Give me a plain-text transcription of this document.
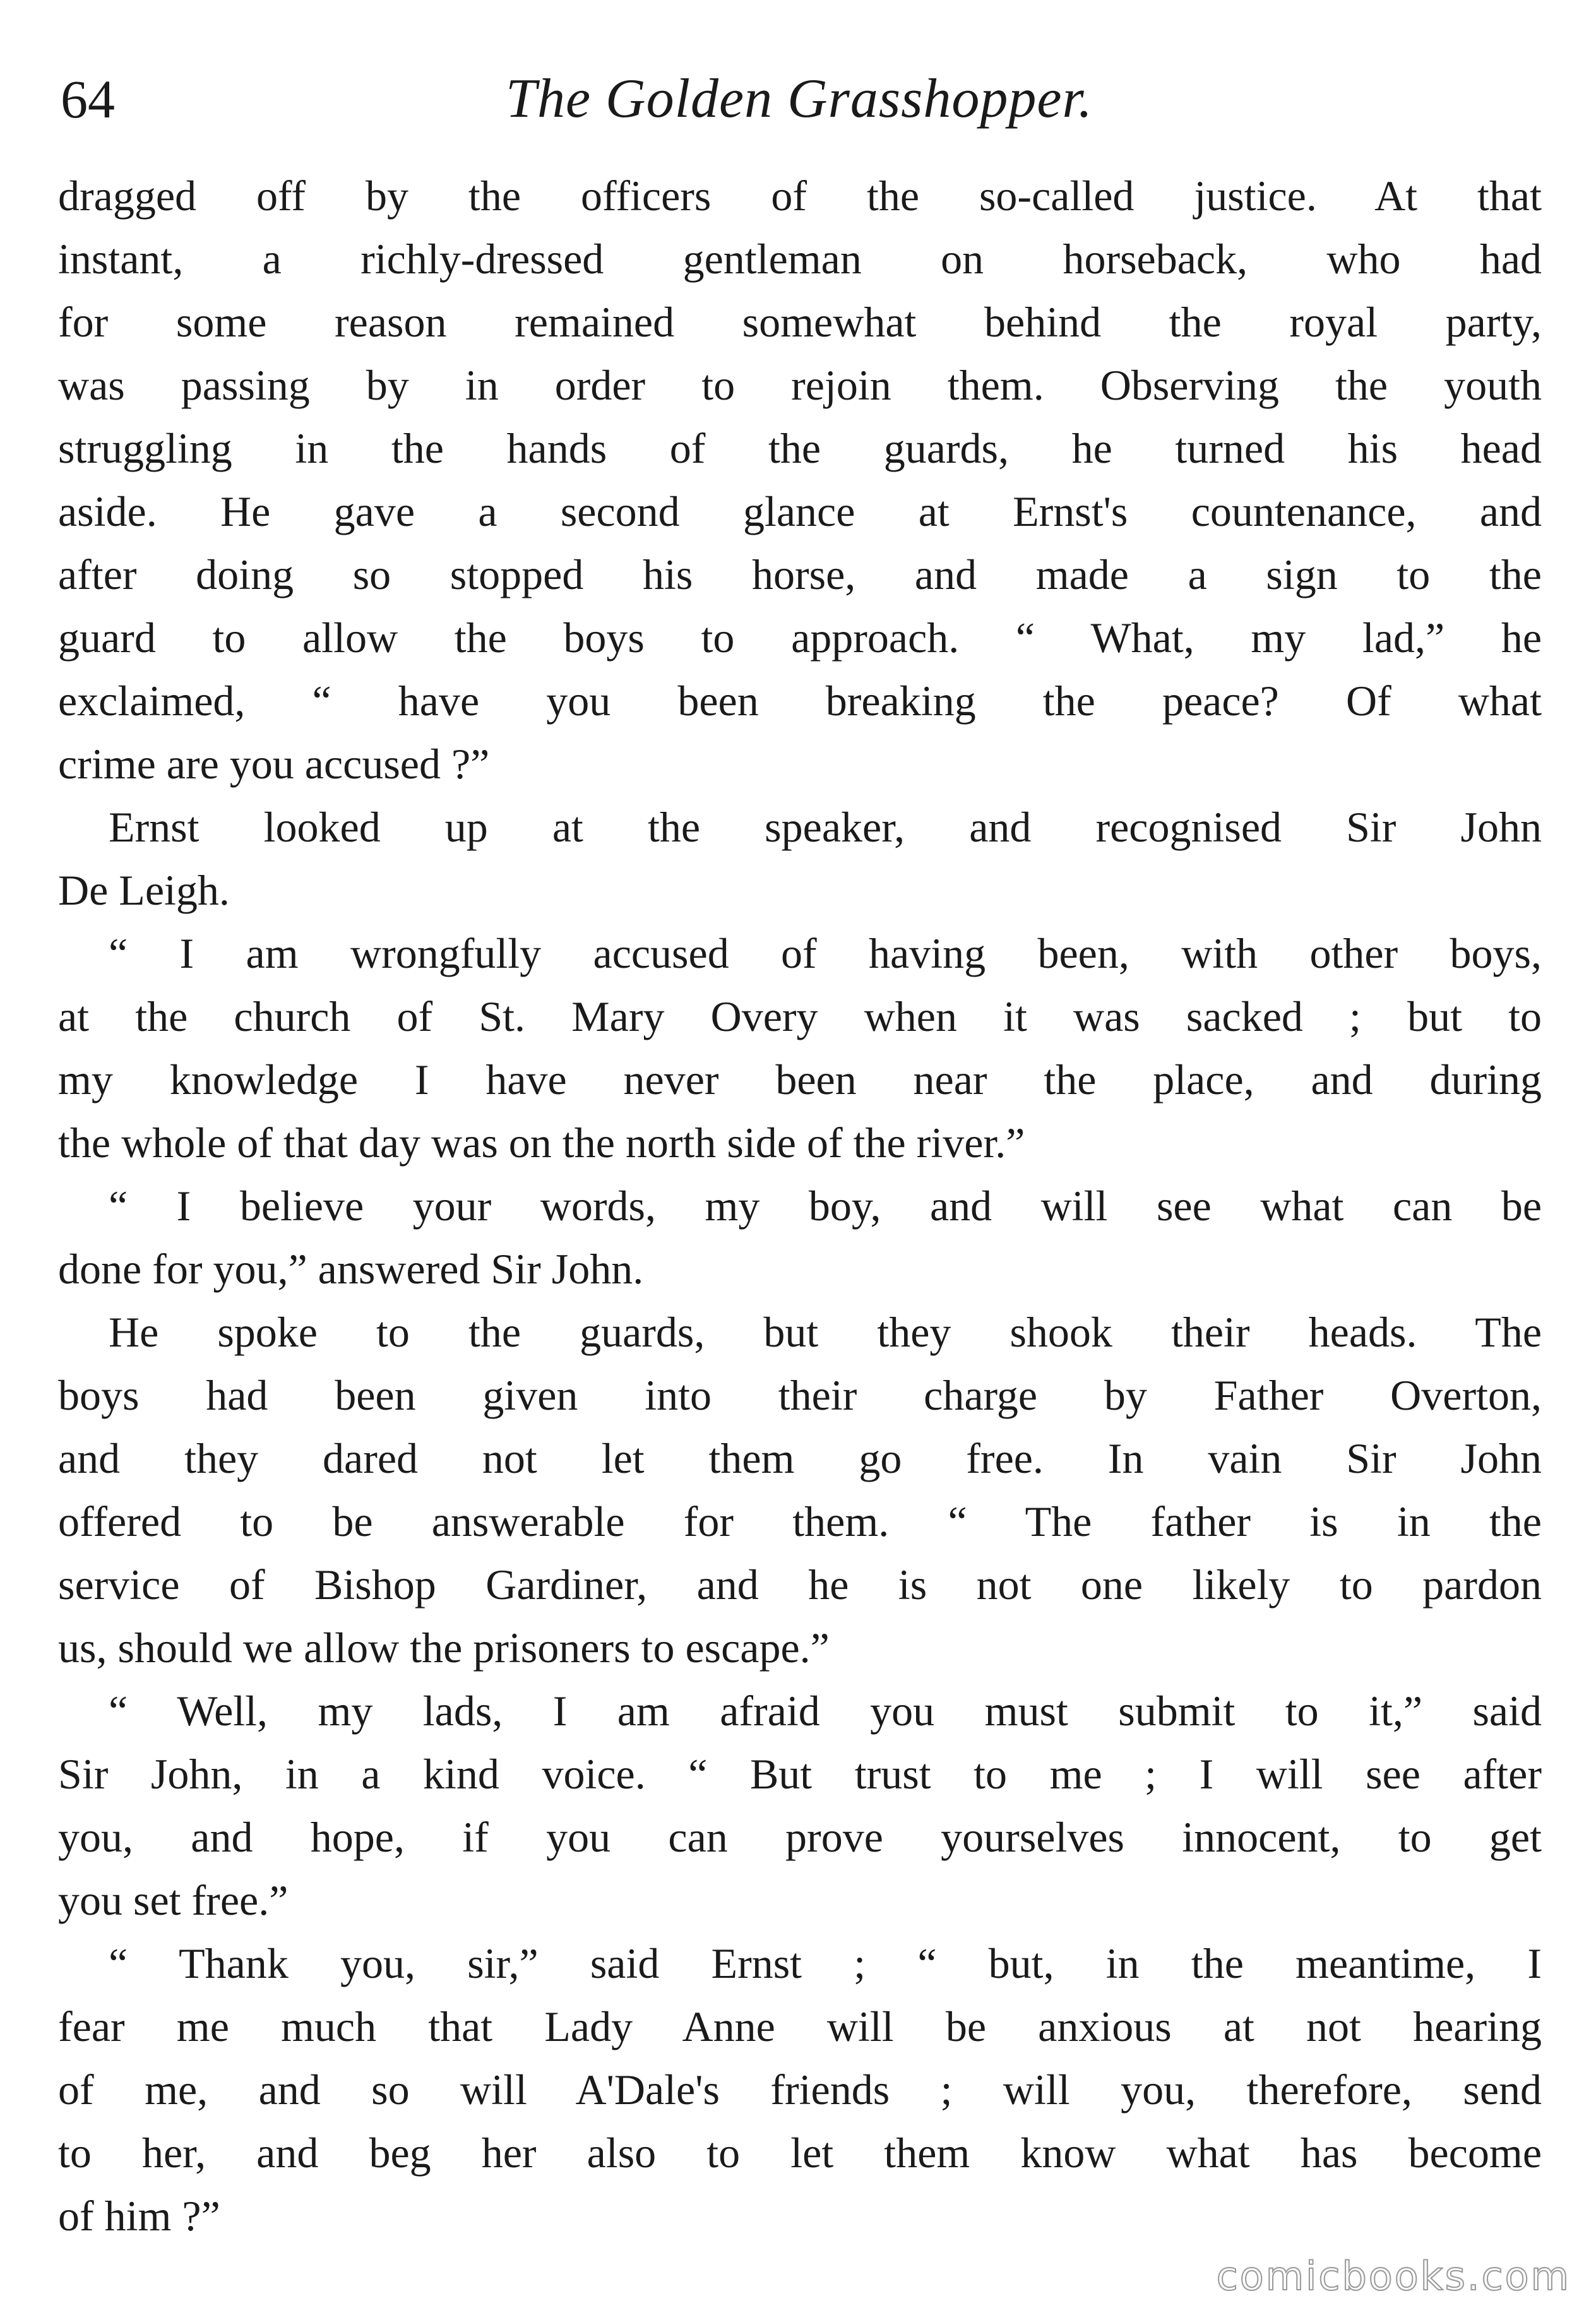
64	The Golden Grasshopper.
dragged off by the officers of the so-called justice. At that
instant, a richly-dressed gentleman on horseback, who had
for some reason remained somewhat behind the royal party,
was passing by in order to rejoin them. Observing the youth
struggling in the hands of the guards, he turned his head
aside. He gave a second glance at Ernst's countenance, and
after doing so stopped his horse, and made a sign to the
guard to allow the boys to approach. “ What, my lad,” he
exclaimed, “ have you been breaking the peace? Of what
crime are you accused ?”
Ernst looked up at the speaker, and recognised Sir John
De Leigh.
“ I am wrongfully accused of having been, with other boys,
at the church of St. Mary Overy when it was sacked ; but to
my knowledge I have never been near the place, and during
the whole of that day was on the north side of the river.”
“ I believe your words, my boy, and will see what can be
done for you,” answered Sir John.
He spoke to the guards, but they shook their heads. The
boys had been given into their charge by Father Overton,
and they dared not let them go free. In vain Sir John
offered to be answerable for them. “ The father is in the
service of Bishop Gardiner, and he is not one likely to pardon
us, should we allow the prisoners to escape.”
“ Well, my lads, I am afraid you must submit to it,” said
Sir John, in a kind voice. “ But trust to me ; I will see after
you, and hope, if you can prove yourselves innocent, to get
you set free.”
“ Thank you, sir,” said Ernst ; “ but, in the meantime, I
fear me much that Lady Anne will be anxious at not hearing
of me, and so will A'Dale's friends ; will you, therefore, send
to her, and beg her also to let them know what has become
of him ?”
comicbooks.com
